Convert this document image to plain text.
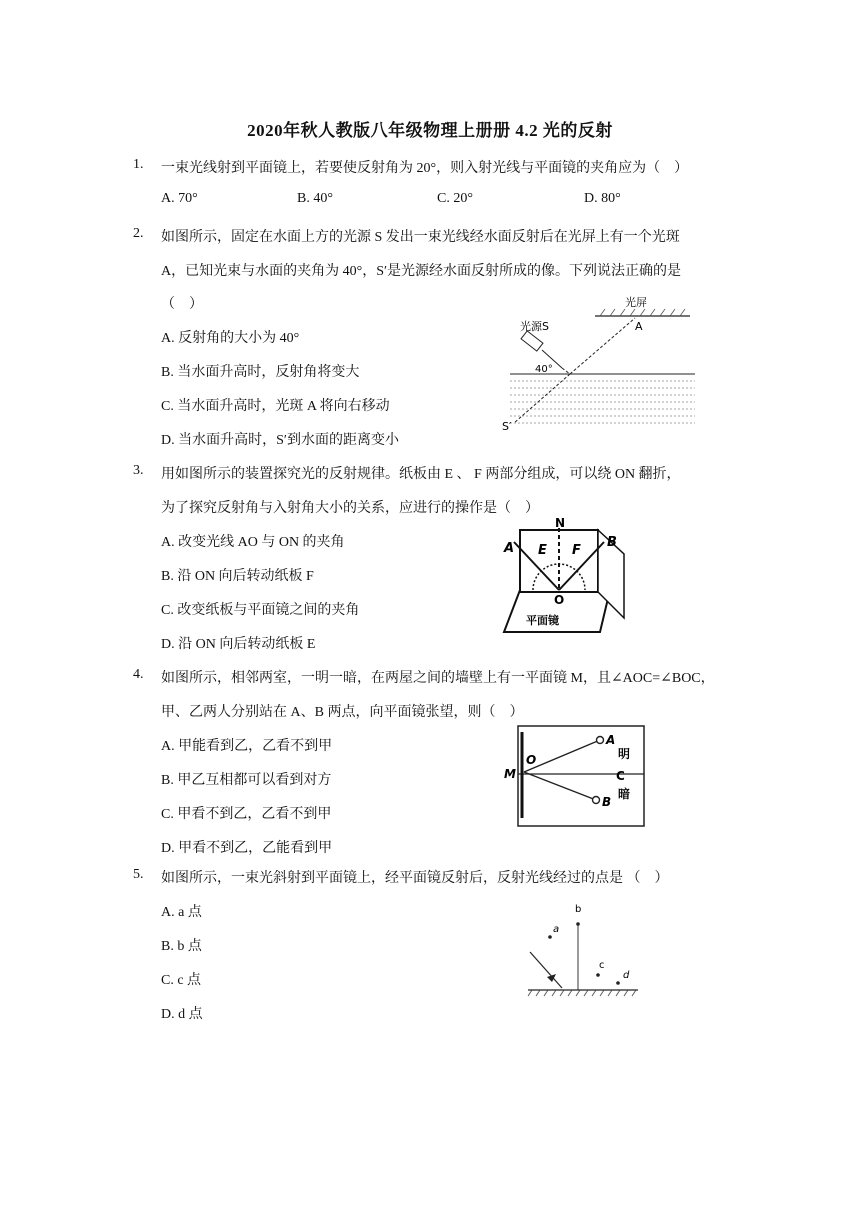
2020年秋人教版八年级物理上册册 4.2 光的反射
1. 一束光线射到平面镜上，若要使反射角为 20°，则入射光线与平面镜的夹角应为（　）
A. 70°	B. 40°	C. 20°	D. 80°
2. 如图所示，固定在水面上方的光源 S 发出一束光线经水面反射后在光屏上有一个光斑
A，已知光束与水面的夹角为 40°，S′是光源经水面反射所成的像。下列说法正确的是
（　）
A. 反射角的大小为 40°
B. 当水面升高时，反射角将变大
C. 当水面升高时，光斑 A 将向右移动
D. 当水面升高时，S′到水面的距离变小
光屏
A
光源S
40°
S′
3. 用如图所示的装置探究光的反射规律。纸板由 E 、 F 两部分组成，可以绕 ON 翻折，
为了探究反射角与入射角大小的关系，应进行的操作是（　）
A. 改变光线 AO 与 ON 的夹角
B. 沿 ON 向后转动纸板 F
C. 改变纸板与平面镜之间的夹角
D. 沿 ON 向后转动纸板 E
N
E F
A	B
O
平面镜
4. 如图所示，相邻两室，一明一暗，在两屋之间的墙壁上有一平面镜 M，且∠AOC=∠BOC，
甲、乙两人分别站在 A、B 两点，向平面镜张望，则（　）
A. 甲能看到乙，乙看不到甲
B. 甲乙互相都可以看到对方
C. 甲看不到乙，乙看不到甲
D. 甲看不到乙，乙能看到甲
O
M
A
B
C
明
暗
5. 如图所示，一束光斜射到平面镜上，经平面镜反射后，反射光线经过的点是 （　）
A. a 点
B. b 点
C. c 点
D. d 点
a
b
c
d
